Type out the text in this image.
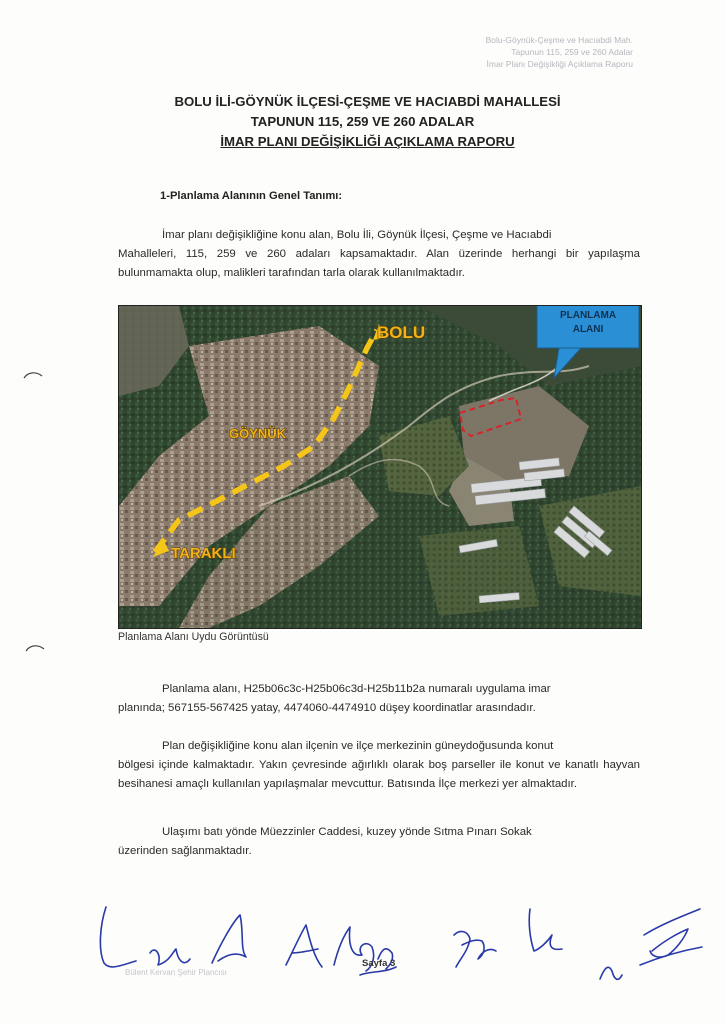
Bolu-Göynük-Çeşme ve Hacıabdi Mah.
Tapunun 115, 259 ve 260 Adalar
İmar Planı Değişikliği Açıklama Raporu
BOLU İLİ-GÖYNÜK İLÇESİ-ÇEŞME VE HACIABDİ MAHALLESİ
TAPUNUN 115, 259 VE 260 ADALAR
İMAR PLANI DEĞİŞİKLİĞİ AÇIKLAMA RAPORU
1-Planlama Alanının Genel Tanımı:
İmar planı değişikliğine konu alan, Bolu İli, Göynük İlçesi, Çeşme ve Hacıabdi
Mahalleleri, 115, 259 ve 260 adaları kapsamaktadır. Alan üzerinde herhangi bir yapılaşma bulunmamakta olup, malikleri tarafından tarla olarak kullanılmaktadır.
BOLU
GÖYNÜK
TARAKLI
PLANLAMA
ALANI
Planlama Alanı Uydu Görüntüsü
Planlama alanı, H25b06c3c-H25b06c3d-H25b11b2a numaralı uygulama imar
planında; 567155-567425 yatay, 4474060-4474910 düşey koordinatlar arasındadır.
Plan değişikliğine konu alan ilçenin ve ilçe merkezinin güneydoğusunda konut
bölgesi içinde kalmaktadır. Yakın çevresinde ağırlıklı olarak boş parseller ile konut ve kanatlı hayvan besihanesi amaçlı kullanılan yapılaşmalar mevcuttur. Batısında İlçe merkezi yer almaktadır.
Ulaşımı batı yönde Müezzinler Caddesi, kuzey yönde Sıtma Pınarı Sokak
üzerinden sağlanmaktadır.
Bülent Kervan Şehir Plancısı
Sayfa 3
